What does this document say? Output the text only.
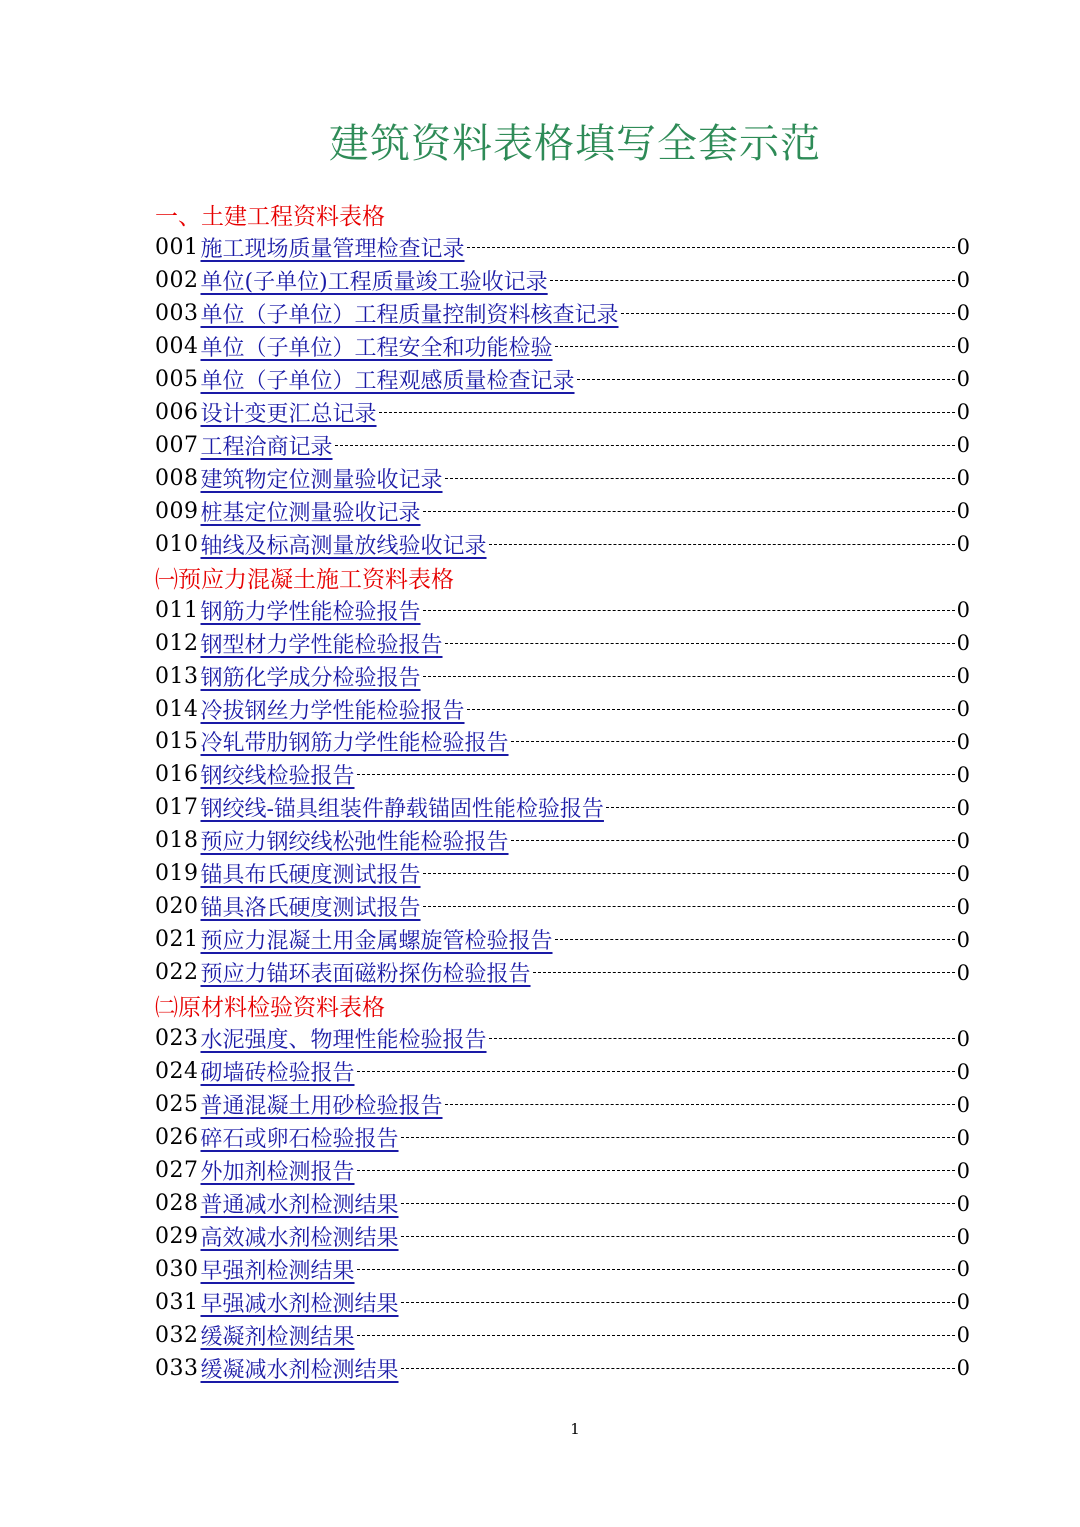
建筑资料表格填写全套示范
一、土建工程资料表格
001 施工现场质量管理检查记录	0
002 单位(子单位)工程质量竣工验收记录	0
003 单位（子单位）工程质量控制资料核查记录	0
004 单位（子单位）工程安全和功能检验	0
005 单位（子单位）工程观感质量检查记录	0
006 设计变更汇总记录	0
007 工程洽商记录	0
008 建筑物定位测量验收记录	0
009 桩基定位测量验收记录	0
010 轴线及标高测量放线验收记录	0
㈠预应力混凝土施工资料表格
011 钢筋力学性能检验报告	0
012 钢型材力学性能检验报告	0
013 钢筋化学成分检验报告	0
014 冷拔钢丝力学性能检验报告	0
015 冷轧带肋钢筋力学性能检验报告	0
016 钢绞线检验报告	0
017 钢绞线-锚具组装件静载锚固性能检验报告	0
018 预应力钢绞线松弛性能检验报告	0
019 锚具布氏硬度测试报告	0
020 锚具洛氏硬度测试报告	0
021 预应力混凝土用金属螺旋管检验报告	0
022 预应力锚环表面磁粉探伤检验报告	0
㈡原材料检验资料表格
023 水泥强度、物理性能检验报告	0
024 砌墙砖检验报告	0
025 普通混凝土用砂检验报告	0
026 碎石或卵石检验报告	0
027 外加剂检测报告	0
028 普通减水剂检测结果	0
029 高效减水剂检测结果	0
030 早强剂检测结果	0
031 早强减水剂检测结果	0
032 缓凝剂检测结果	0
033 缓凝减水剂检测结果	0
1
